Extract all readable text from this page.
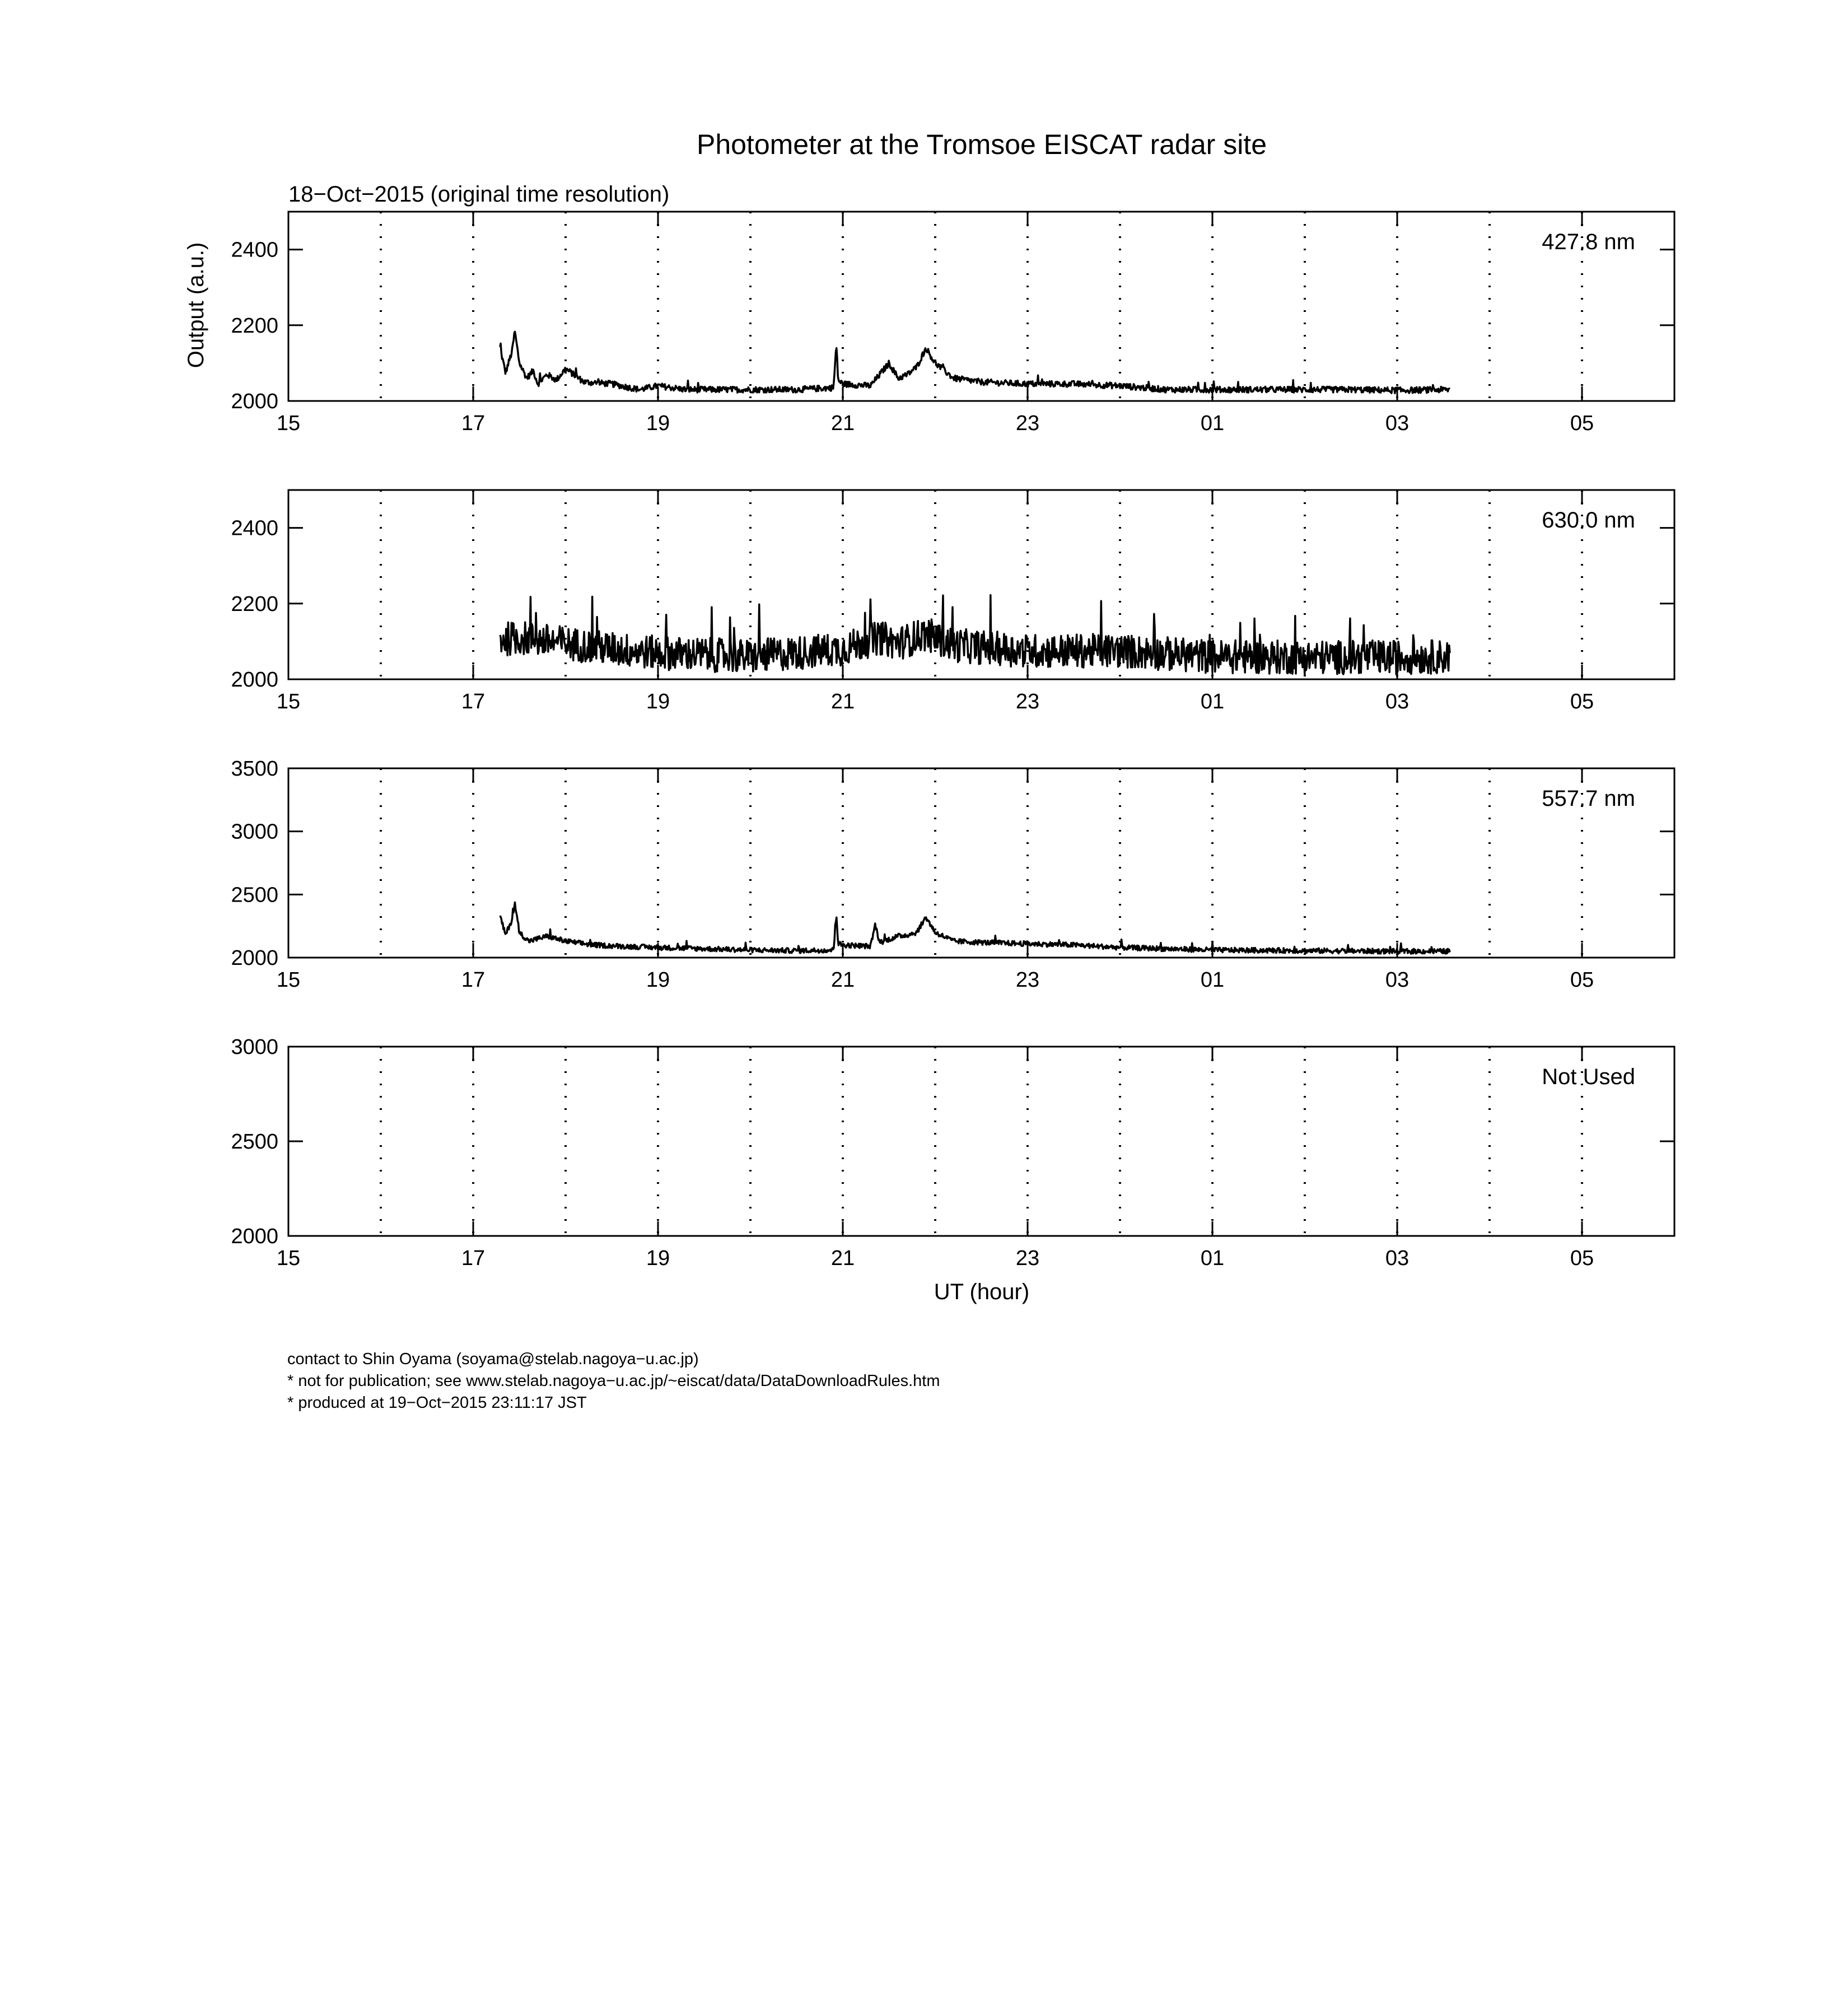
Photometer at the Tromsoe EISCAT radar site
18−Oct−2015 (original time resolution)
Output (a.u.)
UT (hour)
2000
2200
2400
15	17	19	21	23	01	03	05
427.8 nm
2000
2200
2400
15	17	19	21	23	01	03	05
630.0 nm
2000
2500
3000
3500
15	17	19	21	23	01	03	05
557.7 nm
2000
2500
3000
15	17	19	21	23	01	03	05
Not Used
contact to Shin Oyama (soyama@stelab.nagoya−u.ac.jp)
* not for publication; see www.stelab.nagoya−u.ac.jp/~eiscat/data/DataDownloadRules.htm
* produced at 19−Oct−2015 23:11:17 JST
